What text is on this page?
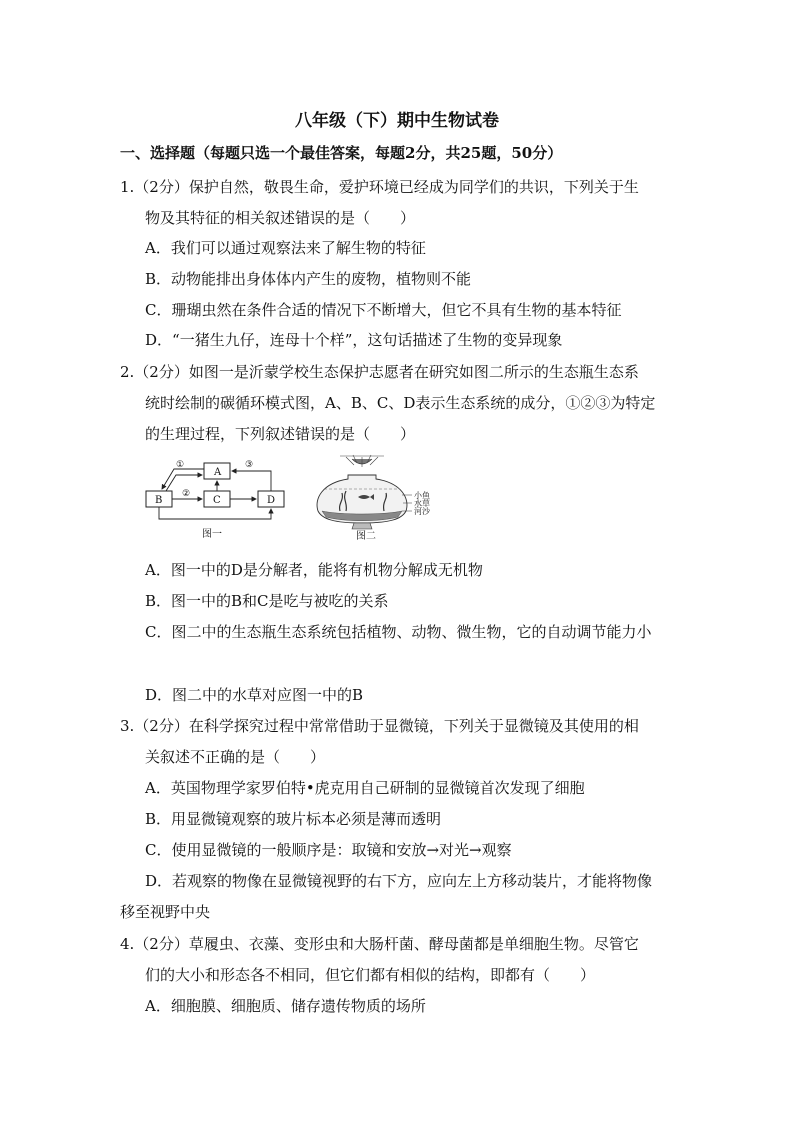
八年级（下）期中生物试卷
一、选择题（每题只选一个最佳答案，每题2分，共25题，50分）
1.（2分）保护自然，敬畏生命，爱护环境已经成为同学们的共识，下列关于生
物及其特征的相关叙述错误的是（　　）
A．我们可以通过观察法来了解生物的特征
B．动物能排出身体体内产生的废物，植物则不能
C．珊瑚虫然在条件合适的情况下不断增大，但它不具有生物的基本特征
D．“一猪生九仔，连母十个样”，这句话描述了生物的变异现象
2.（2分）如图一是沂蒙学校生态保护志愿者在研究如图二所示的生态瓶生态系
统时绘制的碳循环模式图，A、B、C、D表示生态系统的成分，①②③为特定
的生理过程，下列叙述错误的是（　　）
A
B	C	D
①
②
③
图一
小鱼
水草
河沙
图二
A．图一中的D是分解者，能将有机物分解成无机物
B．图一中的B和C是吃与被吃的关系
C．图二中的生态瓶生态系统包括植物、动物、微生物，它的自动调节能力小
D．图二中的水草对应图一中的B
3.（2分）在科学探究过程中常常借助于显微镜，下列关于显微镜及其使用的相
关叙述不正确的是（　　）
A．英国物理学家罗伯特•虎克用自己研制的显微镜首次发现了细胞
B．用显微镜观察的玻片标本必须是薄而透明
C．使用显微镜的一般顺序是：取镜和安放→对光→观察
D．若观察的物像在显微镜视野的右下方，应向左上方移动装片，才能将物像
移至视野中央
4.（2分）草履虫、衣藻、变形虫和大肠杆菌、酵母菌都是单细胞生物。尽管它
们的大小和形态各不相同，但它们都有相似的结构，即都有（　　）
A．细胞膜、细胞质、储存遗传物质的场所
